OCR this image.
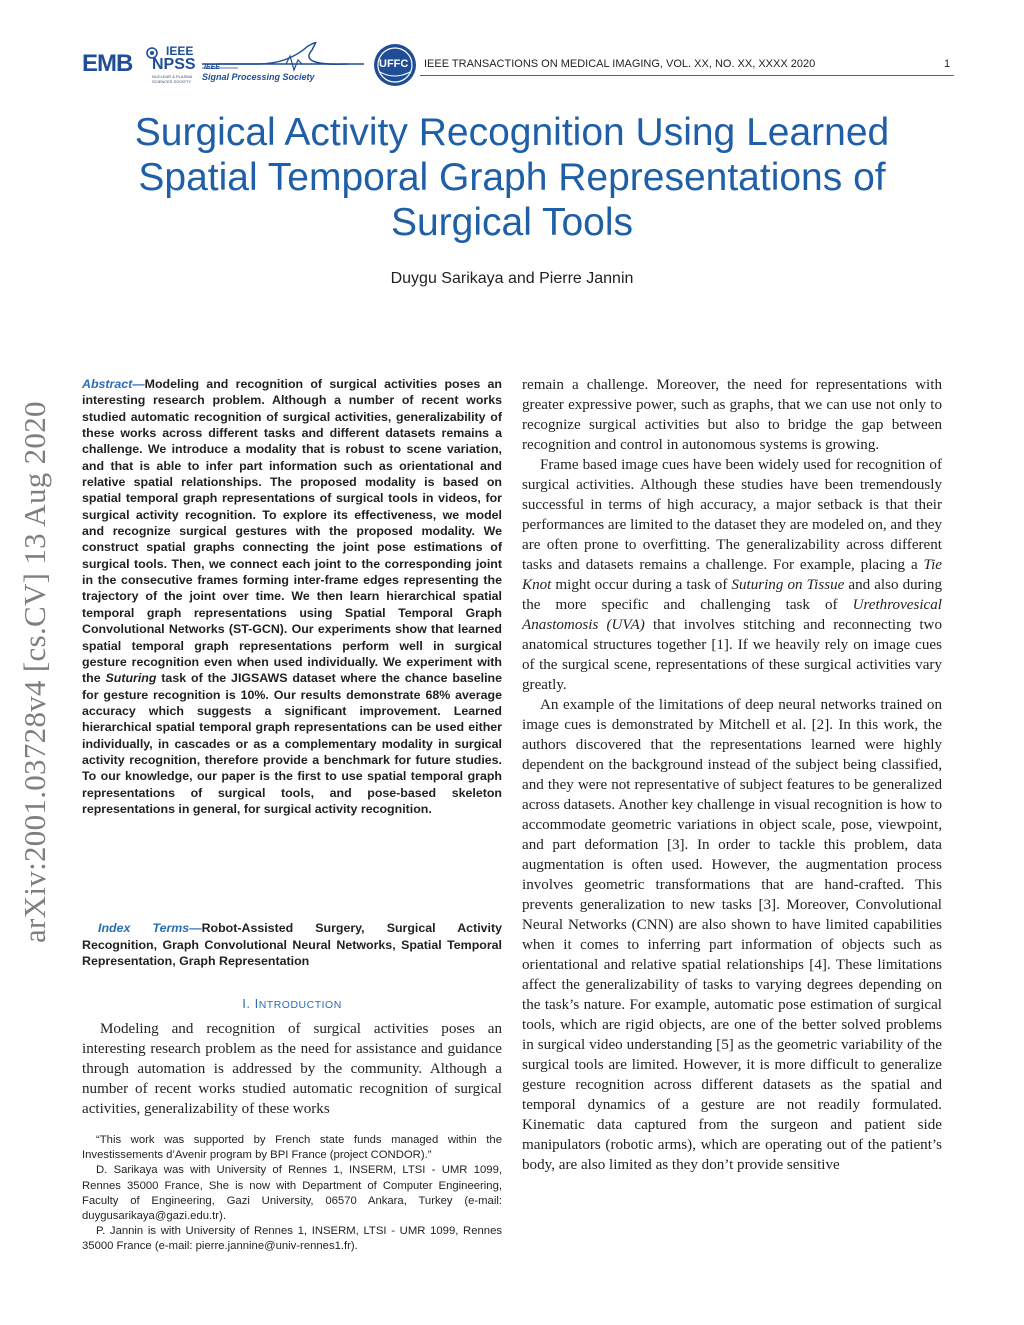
EMB	IEEE
NPSS
NUCLEAR & PLASMA SCIENCES SOCIETY
IEEE
Signal Processing Society
UFFC IEEE TRANSACTIONS ON MEDICAL IMAGING, VOL. XX, NO. XX, XXXX 2020	1
Surgical Activity Recognition Using Learned Spatial Temporal Graph Representations of Surgical Tools
Duygu Sarikaya and Pierre Jannin
arXiv:2001.03728v4 [cs.CV] 13 Aug 2020

Abstract—Modeling and recognition of surgical activities poses an interesting research problem. Although a number of recent works studied automatic recognition of surgical activities, generalizability of these works across different tasks and different datasets remains a challenge. We introduce a modality that is robust to scene variation, and that is able to infer part information such as orientational and relative spatial relationships. The proposed modality is based on spatial temporal graph representations of surgical tools in videos, for surgical activity recognition. To explore its effectiveness, we model and recognize surgical gestures with the proposed modality. We construct spatial graphs connecting the joint pose estimations of surgical tools. Then, we connect each joint to the corresponding joint in the consecutive frames forming inter-frame edges representing the trajectory of the joint over time. We then learn hierarchical spatial temporal graph representations using Spatial Temporal Graph Convolutional Networks (ST-GCN). Our experiments show that learned spatial temporal graph representations perform well in surgical gesture recognition even when used individually. We experiment with the Suturing task of the JIGSAWS dataset where the chance baseline for gesture recognition is 10%. Our results demonstrate 68% average accuracy which suggests a significant improvement. Learned hierarchical spatial temporal graph representations can be used either individually, in cascades or as a complementary modality in surgical activity recognition, therefore provide a benchmark for future studies. To our knowledge, our paper is the first to use spatial temporal graph representations of surgical tools, and pose-based skeleton representations in general, for surgical activity recognition.

Index Terms—Robot-Assisted Surgery, Surgical Activity Recognition, Graph Convolutional Neural Networks, Spatial Temporal Representation, Graph Representation

I. INTRODUCTION

Modeling and recognition of surgical activities poses an interesting research problem as the need for assistance and guidance through automation is addressed by the community. Although a number of recent works studied automatic recognition of surgical activities, generalizability of these works

“This work was supported by French state funds managed within the Investissements d’Avenir program by BPI France (project CONDOR).”

D. Sarikaya was with University of Rennes 1, INSERM, LTSI - UMR 1099, Rennes 35000 France, She is now with Department of Computer Engineering, Faculty of Engineering, Gazi University, 06570 Ankara, Turkey (e-mail: duygusarikaya@gazi.edu.tr).

P. Jannin is with University of Rennes 1, INSERM, LTSI - UMR 1099, Rennes 35000 France (e-mail: pierre.jannine@univ-rennes1.fr).

remain a challenge. Moreover, the need for representations with greater expressive power, such as graphs, that we can use not only to recognize surgical activities but also to bridge the gap between recognition and control in autonomous systems is growing.

Frame based image cues have been widely used for recognition of surgical activities. Although these studies have been tremendously successful in terms of high accuracy, a major setback is that their performances are limited to the dataset they are modeled on, and they are often prone to overfitting. The generalizability across different tasks and datasets remains a challenge. For example, placing a Tie Knot might occur during a task of Suturing on Tissue and also during the more specific and challenging task of Urethrovesical Anastomosis (UVA) that involves stitching and reconnecting two anatomical structures together [1]. If we heavily rely on image cues of the surgical scene, representations of these surgical activities vary greatly.

An example of the limitations of deep neural networks trained on image cues is demonstrated by Mitchell et al. [2]. In this work, the authors discovered that the representations learned were highly dependent on the background instead of the subject being classified, and they were not representative of subject features to be generalized across datasets. Another key challenge in visual recognition is how to accommodate geometric variations in object scale, pose, viewpoint, and part deformation [3]. In order to tackle this problem, data augmentation is often used. However, the augmentation process involves geometric transformations that are hand-crafted. This prevents generalization to new tasks [3]. Moreover, Convolutional Neural Networks (CNN) are also shown to have limited capabilities when it comes to inferring part information of objects such as orientational and relative spatial relationships [4]. These limitations affect the generalizability of tasks to varying degrees depending on the task’s nature. For example, automatic pose estimation of surgical tools, which are rigid objects, are one of the better solved problems in surgical video understanding [5] as the geometric variability of the surgical tools are limited. However, it is more difficult to generalize gesture recognition across different datasets as the spatial and temporal dynamics of a gesture are not readily formulated. Kinematic data captured from the surgeon and patient side manipulators (robotic arms), which are operating out of the patient’s body, are also limited as they don’t provide sensitive
